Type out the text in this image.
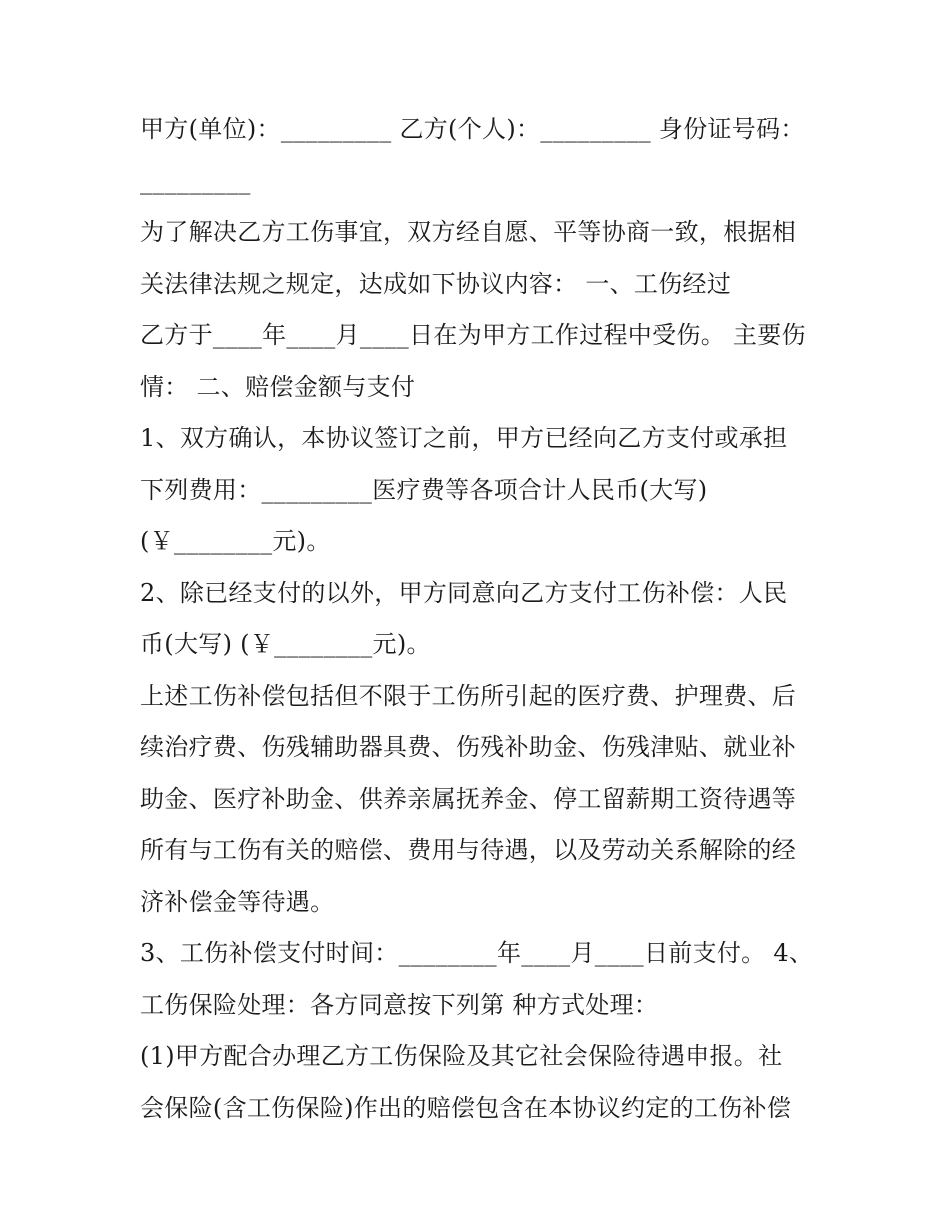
甲方(单位)：_________ 乙方(个人)：_________ 身份证号码：
_________
为了解决乙方工伤事宜，双方经自愿、平等协商一致，根据相
关法律法规之规定，达成如下协议内容： 一、工伤经过
乙方于____年____月____日在为甲方工作过程中受伤。 主要伤
情： 二、赔偿金额与支付
1、双方确认，本协议签订之前，甲方已经向乙方支付或承担
下列费用：_________医疗费等各项合计人民币(大写)
(￥________元)。
2、除已经支付的以外，甲方同意向乙方支付工伤补偿：人民
币(大写) (￥________元)。
上述工伤补偿包括但不限于工伤所引起的医疗费、护理费、后
续治疗费、伤残辅助器具费、伤残补助金、伤残津贴、就业补
助金、医疗补助金、供养亲属抚养金、停工留薪期工资待遇等
所有与工伤有关的赔偿、费用与待遇，以及劳动关系解除的经
济补偿金等待遇。
3、工伤补偿支付时间：________年____月____日前支付。 4、
工伤保险处理：各方同意按下列第 种方式处理：
(1)甲方配合办理乙方工伤保险及其它社会保险待遇申报。社
会保险(含工伤保险)作出的赔偿包含在本协议约定的工伤补偿
